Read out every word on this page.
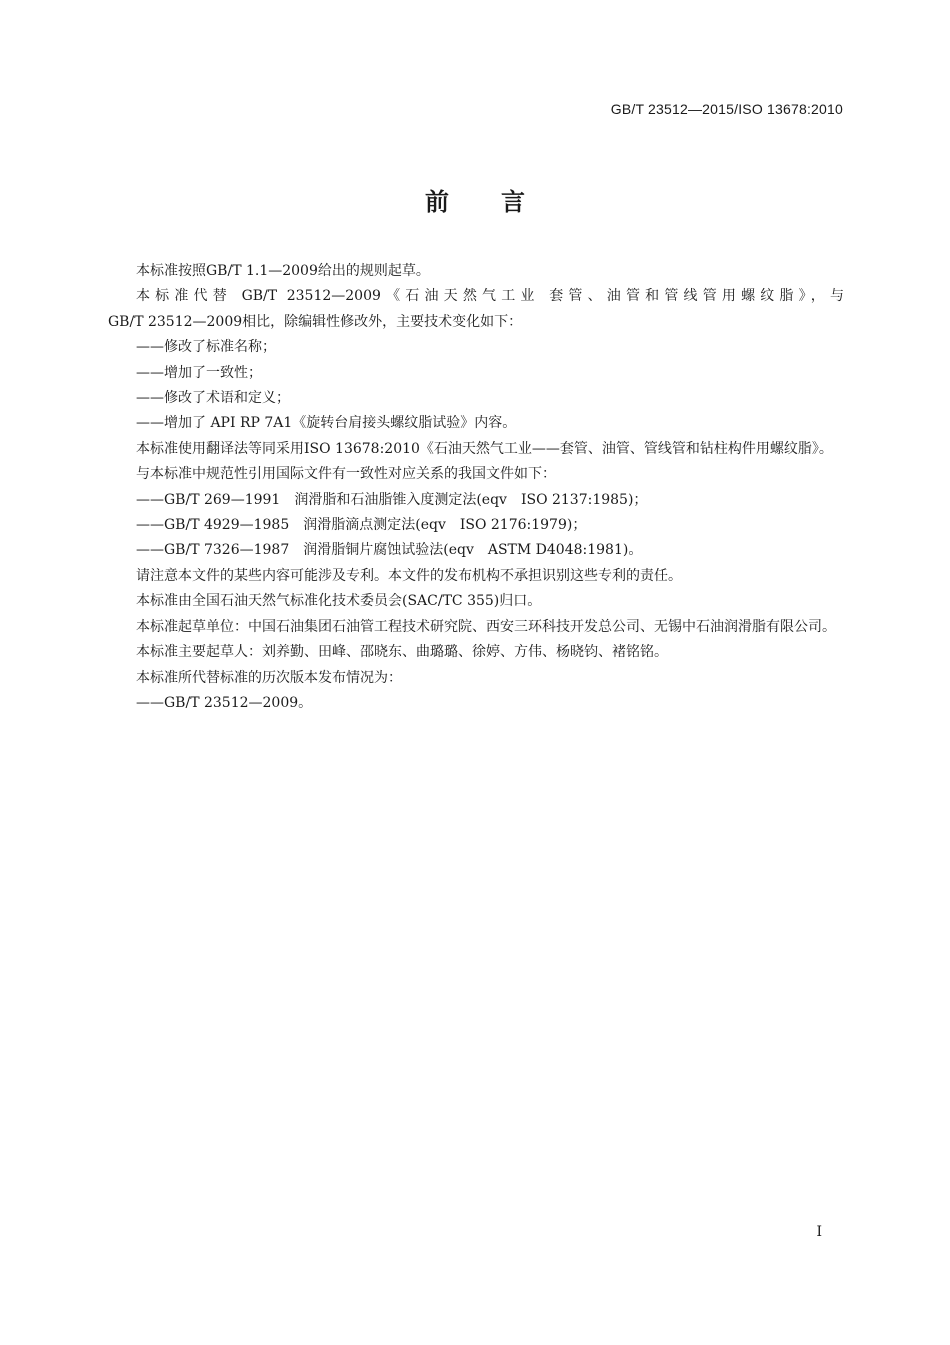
GB/T 23512—2015/ISO 13678:2010
前言

本标准按照GB/T 1.1—2009给出的规则起草。

本标准代替 GB/T 23512—2009《石油天然气工业 套管、油管和管线管用螺纹脂》，与

GB/T 23512—2009相比，除编辑性修改外，主要技术变化如下：

——修改了标准名称；

——增加了一致性；

——修改了术语和定义；

——增加了 API RP 7A1《旋转台肩接头螺纹脂试验》内容。

本标准使用翻译法等同采用ISO 13678:2010《石油天然气工业——套管、油管、管线管和钻柱构件用螺纹脂》。

与本标准中规范性引用国际文件有一致性对应关系的我国文件如下：

——GB/T 269—1991　润滑脂和石油脂锥入度测定法(eqv　ISO 2137:1985)；

——GB/T 4929—1985　润滑脂滴点测定法(eqv　ISO 2176:1979)；

——GB/T 7326—1987　润滑脂铜片腐蚀试验法(eqv　ASTM D4048:1981)。

请注意本文件的某些内容可能涉及专利。本文件的发布机构不承担识别这些专利的责任。

本标准由全国石油天然气标准化技术委员会(SAC/TC 355)归口。

本标准起草单位：中国石油集团石油管工程技术研究院、西安三环科技开发总公司、无锡中石油润滑脂有限公司。

本标准主要起草人：刘养勤、田峰、邵晓东、曲璐璐、徐婷、方伟、杨晓钧、褚铭铭。

本标准所代替标准的历次版本发布情况为：

——GB/T 23512—2009。

I
